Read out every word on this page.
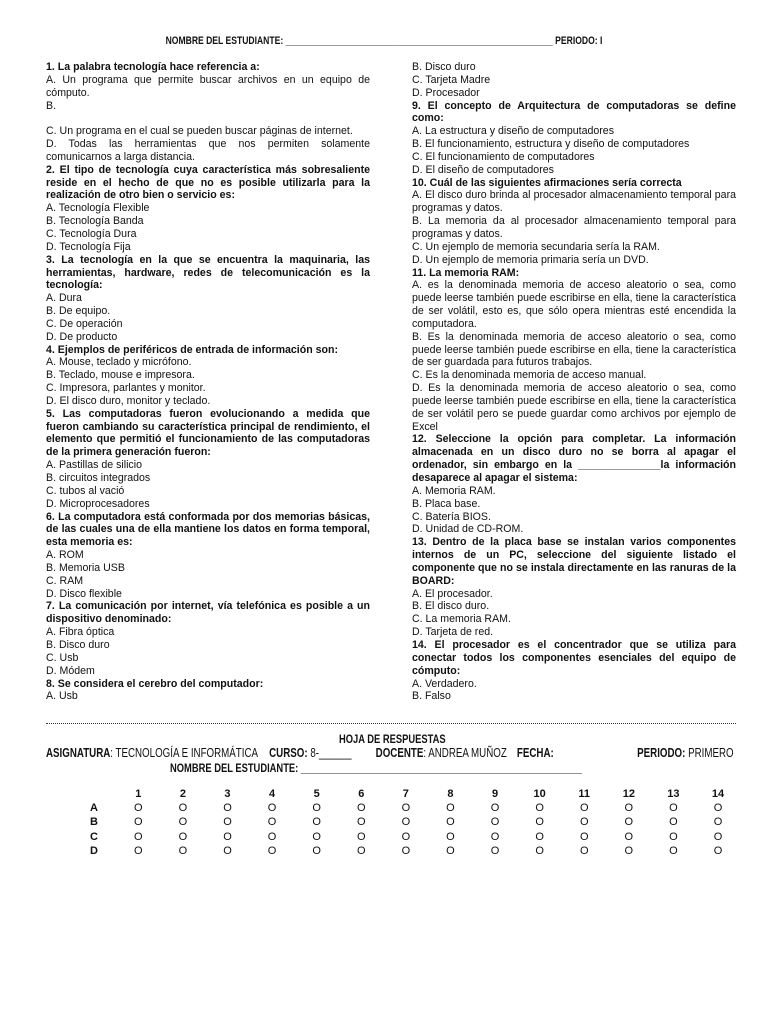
NOMBRE DEL ESTUDIANTE: ________________________________________________________ PERIODO: I

1. La palabra tecnología hace referencia a:

A. Un programa que permite buscar archivos en un equipo de cómputo.

B.

C. Un programa en el cual se pueden buscar páginas de internet.

D. Todas las herramientas que nos permiten solamente comunicarnos a larga distancia.

2. El tipo de tecnología cuya característica más sobresaliente reside en el hecho de que no es posible utilizarla para la realización de otro bien o servicio es:

A. Tecnología Flexible

B. Tecnología Banda

C. Tecnología Dura

D. Tecnología Fija

3. La tecnología en la que se encuentra la maquinaria, las herramientas, hardware, redes de telecomunicación es la tecnología:

A. Dura

B. De equipo.

C. De operación

D. De producto

4. Ejemplos de periféricos de entrada de información son:

A. Mouse, teclado y micrófono.

B. Teclado, mouse e impresora.

C. Impresora, parlantes y monitor.

D. El disco duro, monitor y teclado.

5. Las computadoras fueron evolucionando a medida que fueron cambiando su característica principal de rendimiento, el elemento que permitió el funcionamiento de las computadoras de la primera generación fueron:

A. Pastillas de silicio

B. circuitos integrados

C. tubos al vació

D. Microprocesadores

6. La computadora está conformada por dos memorias básicas, de las cuales una de ella mantiene los datos en forma temporal, esta memoria es:

A. ROM

B. Memoria USB

C. RAM

D. Disco flexible

7. La comunicación por internet, vía telefónica es posible a un dispositivo denominado:

A. Fibra óptica

B. Disco duro

C. Usb

D. Módem

8. Se considera el cerebro del computador:

A. Usb

B. Disco duro

C. Tarjeta Madre

D. Procesador

9. El concepto de Arquitectura de computadoras se define como:

A. La estructura y diseño de computadores

B. El funcionamiento, estructura y diseño de computadores

C. El funcionamiento de computadores

D. El diseño de computadores

10. Cuál de las siguientes afirmaciones sería correcta

A. El disco duro brinda al procesador almacenamiento temporal para programas y datos.

B. La memoria da al procesador almacenamiento temporal para programas y datos.

C. Un ejemplo de memoria secundaria sería la RAM.

D. Un ejemplo de memoria primaria sería un DVD.

11. La memoria RAM:

A. es la denominada memoria de acceso aleatorio o sea, como puede leerse también puede escribirse en ella, tiene la característica de ser volátil, esto es, que sólo opera mientras esté encendida la computadora.

B. Es la denominada memoria de acceso aleatorio o sea, como puede leerse también puede escribirse en ella, tiene la característica de ser guardada para futuros trabajos.

C. Es la denominada memoria de acceso manual.

D. Es la denominada memoria de acceso aleatorio o sea, como puede leerse también puede escribirse en ella, tiene la característica de ser volátil pero se puede guardar como archivos por ejemplo de Excel

12. Seleccione la opción para completar. La información almacenada en un disco duro no se borra al apagar el ordenador, sin embargo en la ______________la información desaparece al apagar el sistema:

A. Memoria RAM.

B. Placa base.

C. Batería BIOS.

D. Unidad de CD-ROM.

13. Dentro de la placa base se instalan varios componentes internos de un PC, seleccione del siguiente listado el componente que no se instala directamente en las ranuras de la BOARD:

A. El procesador.

B. El disco duro.

C. La memoria RAM.

D. Tarjeta de red.

14. El procesador es el concentrador que se utiliza para conectar todos los componentes esenciales del equipo de cómputo:

A. Verdadero.

B. Falso

HOJA DE RESPUESTAS
ASIGNATURA: TECNOLOGÍA E INFORMÁTICA CURSO: 8-______ DOCENTE: ANDREA MUÑOZ FECHA:	PERIODO: PRIMERO
NOMBRE DEL ESTUDIANTE: ______________________________________________________
	1	2	3	4	5	6	7	8	9	10	11	12	13	14
A	O	O	O	O	O	O	O	O	O	O	O	O	O	O
B	O	O	O	O	O	O	O	O	O	O	O	O	O	O
C	O	O	O	O	O	O	O	O	O	O	O	O	O	O
D	O	O	O	O	O	O	O	O	O	O	O	O	O	O
